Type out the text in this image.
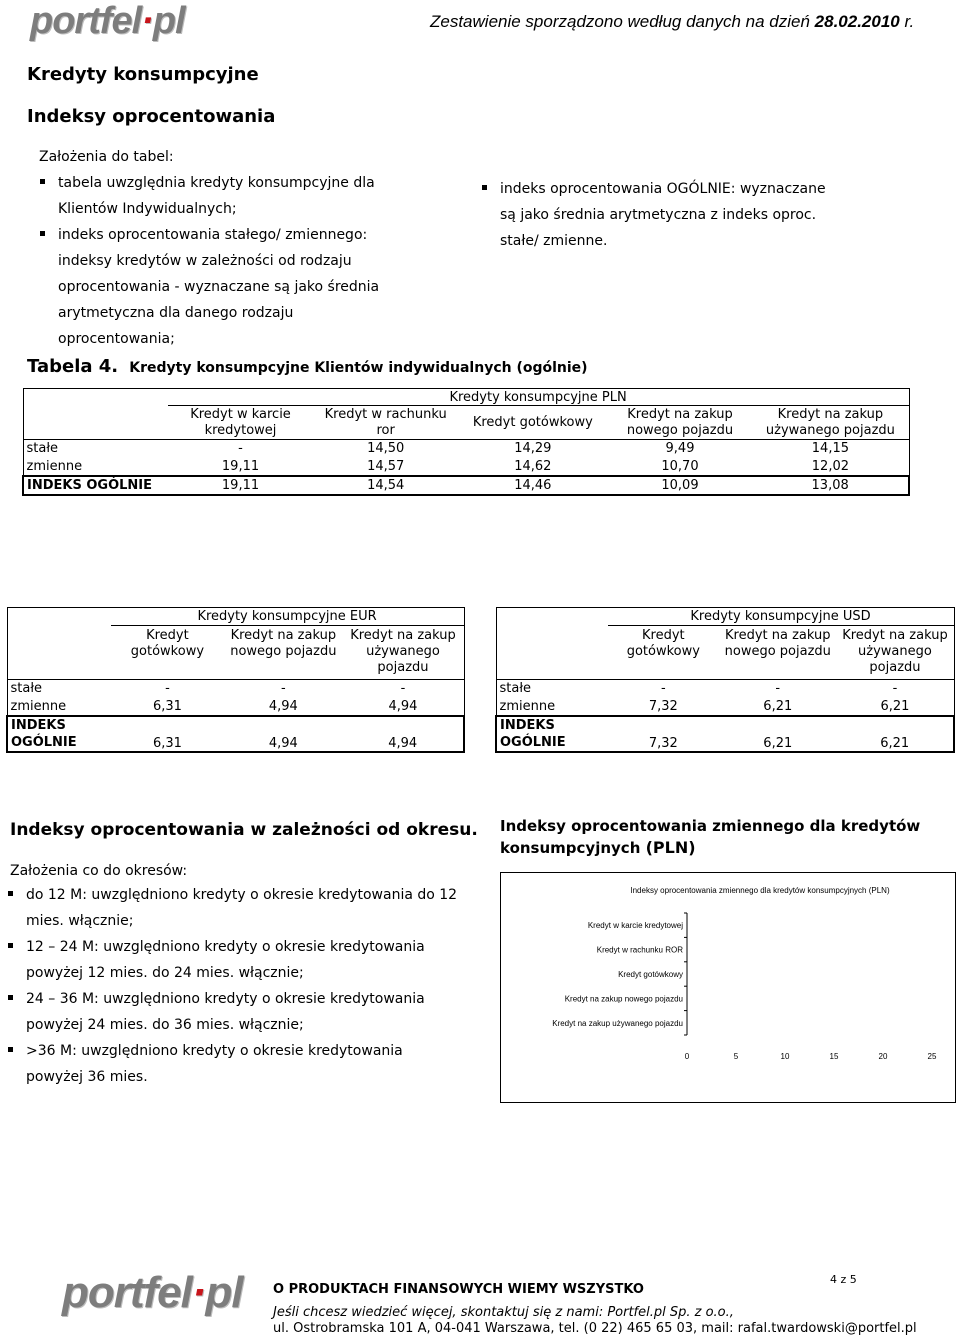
portfel·pl	Zestawienie sporządzono według danych na dzień 28.02.2010 r.
Kredyty konsumpcyjne
Indeksy oprocentowania
Założenia do tabel:
tabela uwzględnia kredyty konsumpcyjne dla Klientów Indywidualnych;
indeks oprocentowania stałego/ zmiennego: indeksy kredytów w zależności od rodzaju oprocentowania - wyznaczane są jako średnia arytmetyczna dla danego rodzaju oprocentowania;
indeks oprocentowania OGÓLNIE: wyznaczane są jako średnia arytmetyczna z indeks oproc. stałe/ zmienne.
Tabela 4. Kredyty konsumpcyjne Klientów indywidualnych (ogólnie)
	Kredyty konsumpcyjne PLN				
	Kredyt w karcie kredytowej	Kredyt w rachunku ror	Kredyt gotówkowy	Kredyt na zakup nowego pojazdu	Kredyt na zakup używanego pojazdu
stałe	-	14,50	14,29	9,49	14,15
zmienne	19,11	14,57	14,62	10,70	12,02
INDEKS OGÓLNIE	19,11	14,54	14,46	10,09	13,08
	Kredyty konsumpcyjne EUR		
	Kredyt gotówkowy	Kredyt na zakup nowego pojazdu	Kredyt na zakup używanego pojazdu
stałe	-	-	-
zmienne	6,31	4,94	4,94
INDEKS OGÓLNIE	6,31	4,94	4,94
	Kredyty konsumpcyjne USD		
	Kredyt gotówkowy	Kredyt na zakup nowego pojazdu	Kredyt na zakup używanego pojazdu
stałe	-	-	-
zmienne	7,32	6,21	6,21
INDEKS OGÓLNIE	7,32	6,21	6,21
Indeksy oprocentowania w zależności od okresu.
Założenia co do okresów:
do 12 M: uwzględniono kredyty o okresie kredytowania do 12 mies. włącznie;
12 – 24 M: uwzględniono kredyty o okresie kredytowania powyżej 12 mies. do 24 mies. włącznie;
24 – 36 M: uwzględniono kredyty o okresie kredytowania powyżej 24 mies. do 36 mies. włącznie;
>36 M: uwzględniono kredyty o okresie kredytowania powyżej 36 mies.
Indeksy oprocentowania zmiennego dla kredytów konsumpcyjnych (PLN)
Indeksy oprocentowania zmiennego dla kredytów konsumpcyjnych (PLN)
Kredyt w karcie kredytowej
Kredyt w rachunku ROR
Kredyt gotówkowy
Kredyt na zakup nowego pojazdu
Kredyt na zakup używanego pojazdu
0	5	10	15	20	25
portfel·pl O PRODUKTACH FINANSOWYCH WIEMY WSZYSTKO
4 z 5
Jeśli chcesz wiedzieć więcej, skontaktuj się z nami: Portfel.pl Sp. z o.o.,
ul. Ostrobramska 101 A, 04-041 Warszawa, tel. (0 22) 465 65 03, mail: rafal.twardowski@portfel.pl
